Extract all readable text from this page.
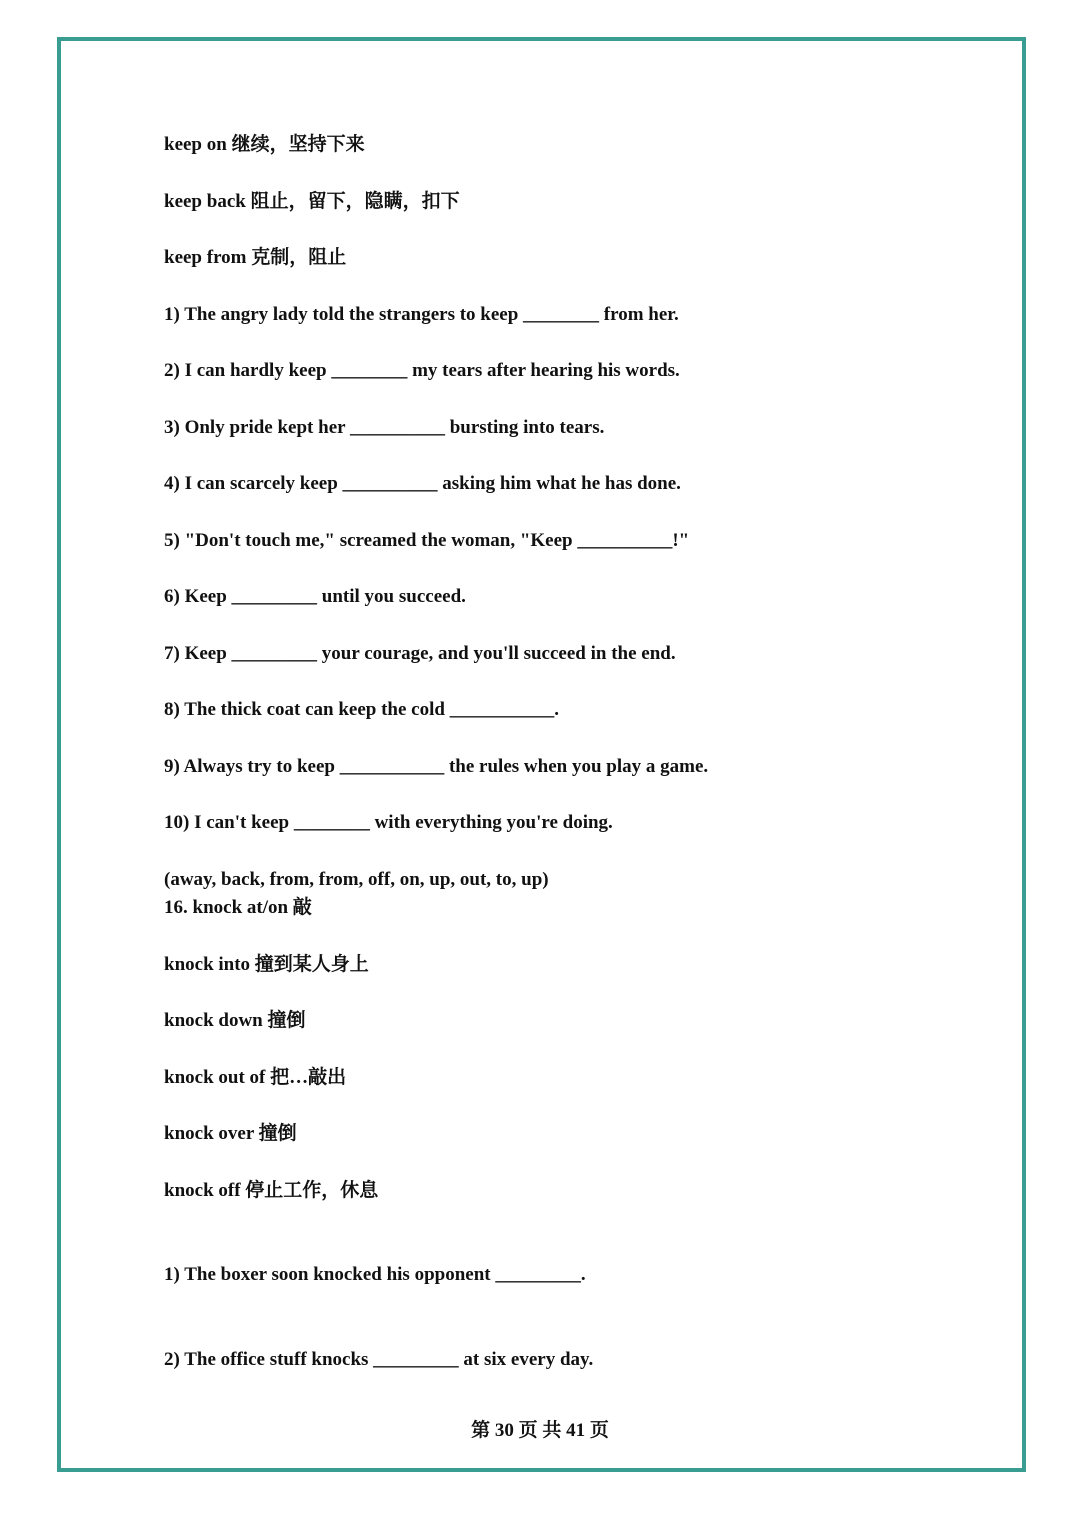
keep on 继续，坚持下来
keep back 阻止，留下，隐瞒，扣下
keep from 克制，阻止
1) The angry lady told the strangers to keep ________ from her.
2) I can hardly keep ________ my tears after hearing his words.
3) Only pride kept her __________ bursting into tears.
4) I can scarcely keep __________ asking him what he has done.
5) "Don't touch me," screamed the woman, "Keep __________!"
6) Keep _________ until you succeed.
7) Keep _________ your courage, and you'll succeed in the end.
8) The thick coat can keep the cold ___________.
9) Always try to keep ___________ the rules when you play a game.
10) I can't keep ________ with everything you're doing.
(away, back, from, from, off, on, up, out, to, up)
16. knock at/on 敲
knock into 撞到某人身上
knock down 撞倒
knock out of 把…敲出
knock over 撞倒
knock off 停止工作，休息
1) The boxer soon knocked his opponent _________.
2) The office stuff knocks _________ at six every day.
第 30 页 共 41 页
